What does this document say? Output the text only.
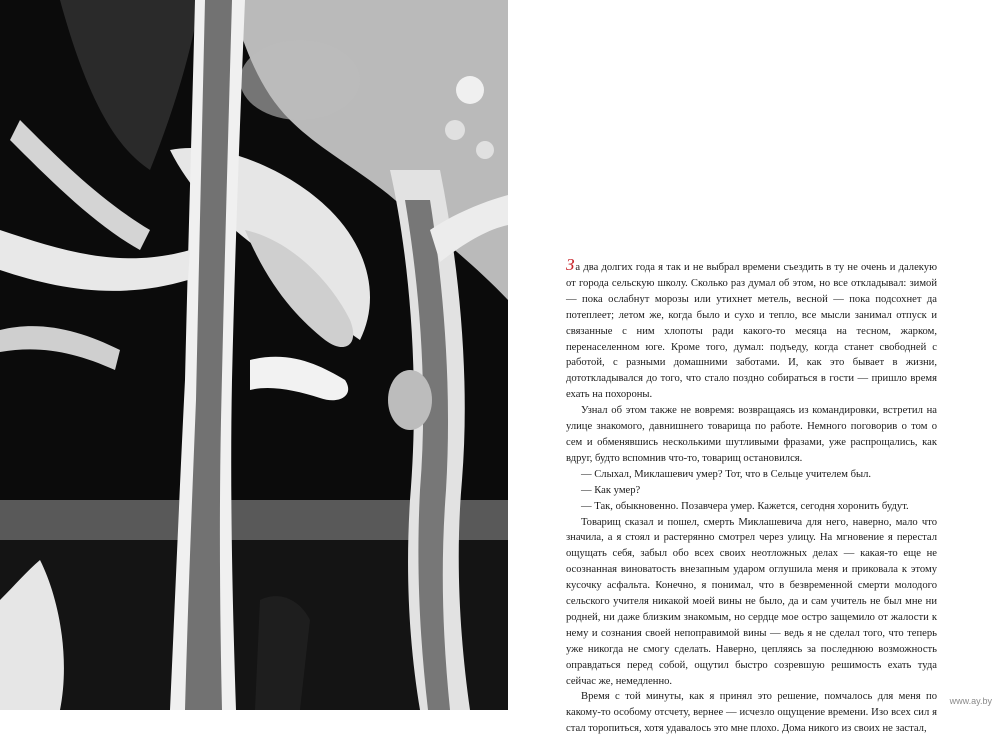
За два долгих года я так и не выбрал времени съездить в ту не очень и далекую от города сельскую школу. Сколько раз думал об этом, но все откладывал: зимой — пока ослабнут морозы или утихнет метель, весной — пока подсохнет да потеплеет; летом же, когда было и сухо и тепло, все мысли занимал отпуск и связанные с ним хлопоты ради какого-то месяца на тесном, жарком, перенаселенном юге. Кроме того, думал: подъеду, когда станет свободней с работой, с разными домашними заботами. И, как это бывает в жизни, дототкладывался до того, что стало поздно собираться в гости — пришло время ехать на похороны.

Узнал об этом также не вовремя: возвращаясь из командировки, встретил на улице знакомого, давнишнего товарища по работе. Немного поговорив о том о сем и обменявшись несколькими шутливыми фразами, уже распрощались, как вдруг, будто вспомнив что-то, товарищ остановился.

— Слыхал, Миклашевич умер? Тот, что в Сельце учителем был.

— Как умер?

— Так, обыкновенно. Позавчера умер. Кажется, сегодня хоронить будут.

Товарищ сказал и пошел, смерть Миклашевича для него, наверно, мало что значила, а я стоял и растерянно смотрел через улицу. На мгновение я перестал ощущать себя, забыл обо всех своих неотложных делах — какая-то еще не осознанная виноватость внезапным ударом оглушила меня и приковала к этому кусочку асфальта. Конечно, я понимал, что в безвременной смерти молодого сельского учителя никакой моей вины не было, да и сам учитель не был мне ни родней, ни даже близким знакомым, но сердце мое остро защемило от жалости к нему и сознания своей непоправимой вины — ведь я не сделал того, что теперь уже никогда не смогу сделать. Наверно, цепляясь за последнюю возможность оправдаться перед собой, ощутил быстро созревшую решимость ехать туда сейчас же, немедленно.

Время с той минуты, как я принял это решение, помчалось для меня по какому-то особому отсчету, вернее — исчезло ощущение времени. Изо всех сил я стал торопиться, хотя удавалось это мне плохо. Дома никого из своих не застал,

www.ay.by
